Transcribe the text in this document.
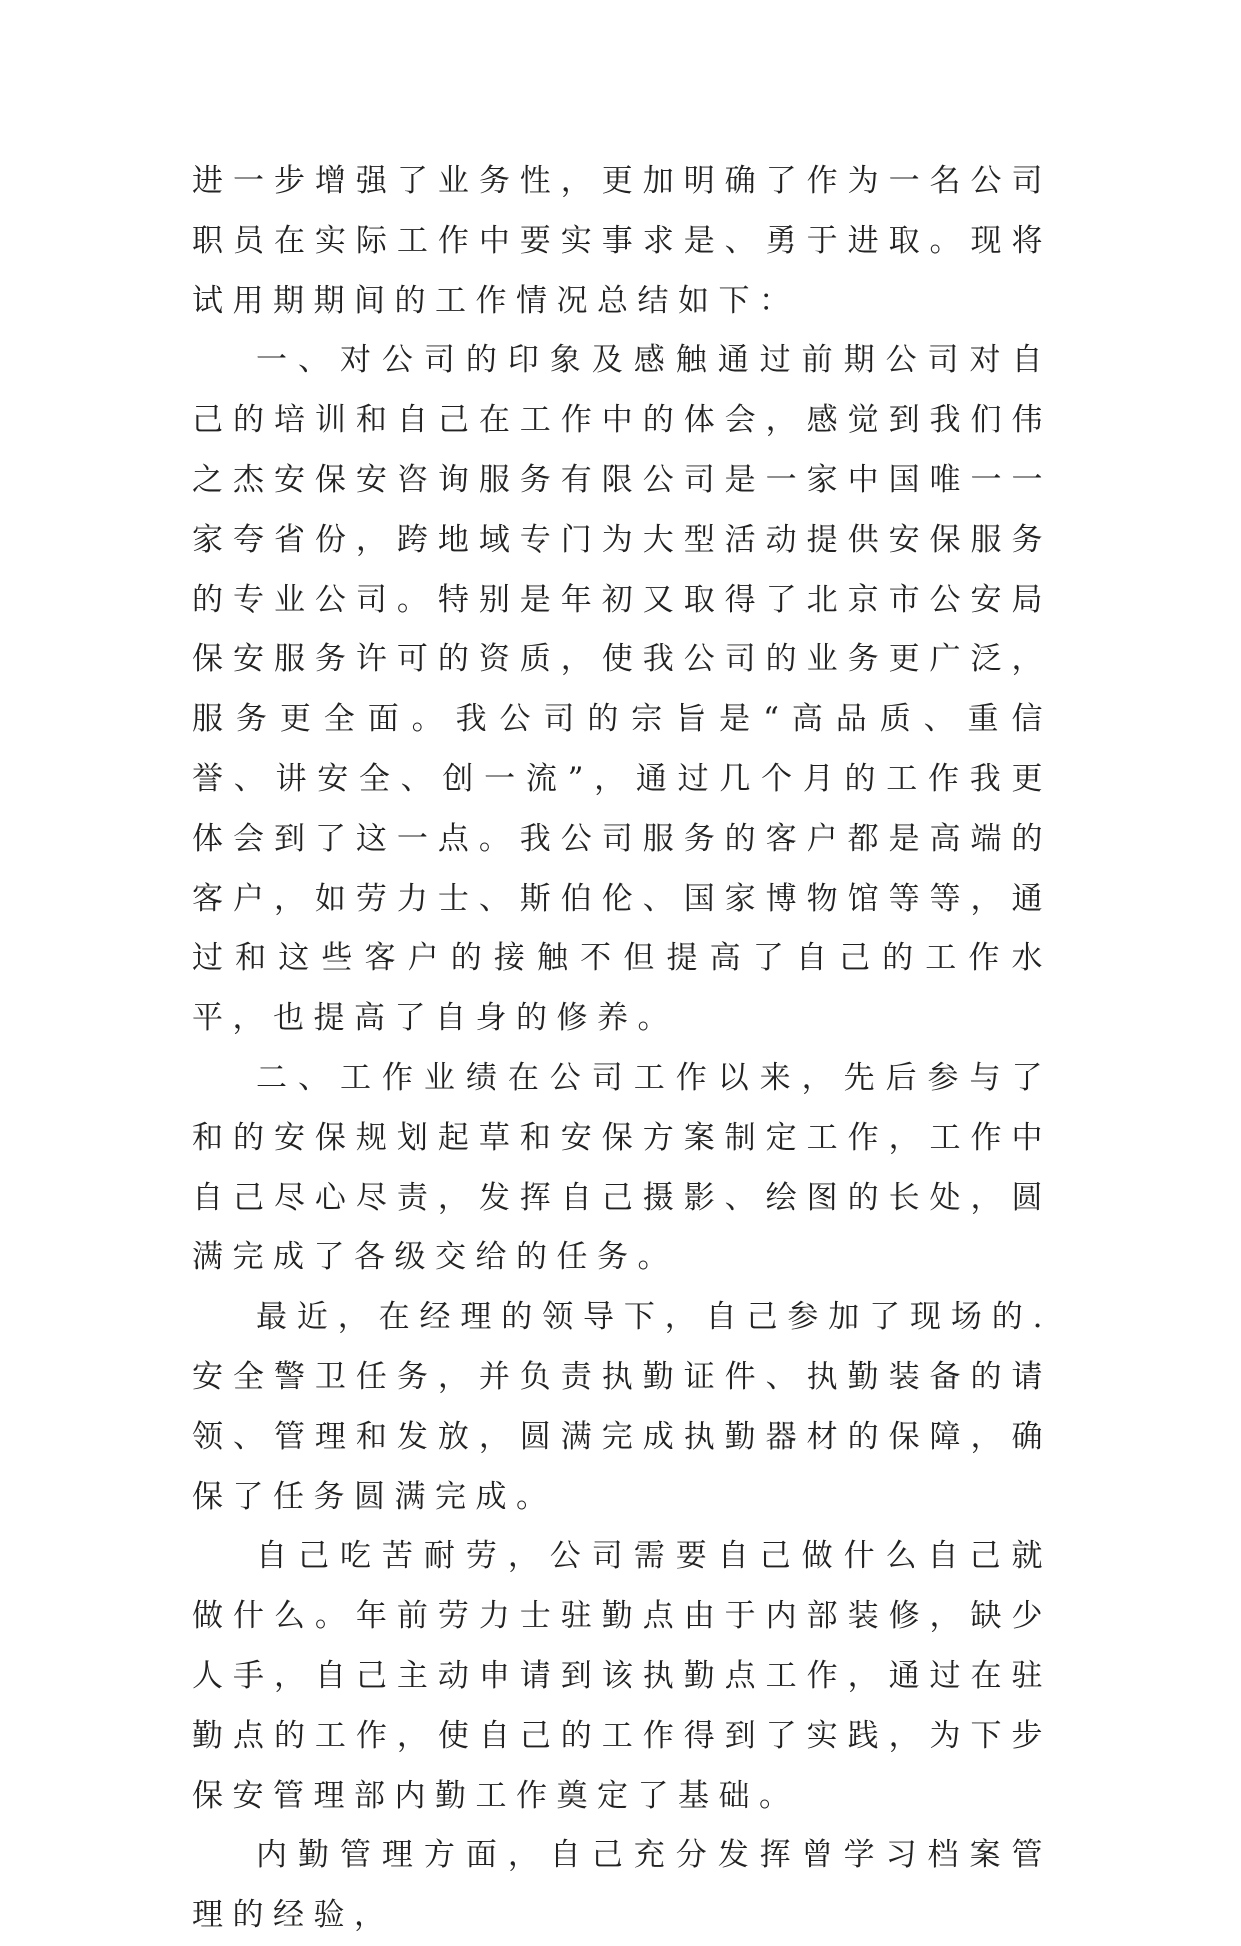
进一步增强了业务性，更加明确了作为一名公司职员在实际工作中要实事求是、勇于进取。现将试用期期间的工作情况总结如下：

一、对公司的印象及感触通过前期公司对自己的培训和自己在工作中的体会，感觉到我们伟之杰安保安咨询服务有限公司是一家中国唯一一家夸省份，跨地域专门为大型活动提供安保服务的专业公司。特别是年初又取得了北京市公安局保安服务许可的资质，使我公司的业务更广泛，服务更全面。我公司的宗旨是“高品质、重信誉、讲安全、创一流”，通过几个月的工作我更体会到了这一点。我公司服务的客户都是高端的客户，如劳力士、斯伯伦、国家博物馆等等，通过和这些客户的接触不但提高了自己的工作水平，也提高了自身的修养。

二、工作业绩在公司工作以来，先后参与了和的安保规划起草和安保方案制定工作，工作中自己尽心尽责，发挥自己摄影、绘图的长处，圆满完成了各级交给的任务。

最近，在经理的领导下，自己参加了现场的.安全警卫任务，并负责执勤证件、执勤装备的请领、管理和发放，圆满完成执勤器材的保障，确保了任务圆满完成。

自己吃苦耐劳，公司需要自己做什么自己就做什么。年前劳力士驻勤点由于内部装修，缺少人手，自己主动申请到该执勤点工作，通过在驻勤点的工作，使自己的工作得到了实践，为下步保安管理部内勤工作奠定了基础。

内勤管理方面，自己充分发挥曾学习档案管理的经验，
